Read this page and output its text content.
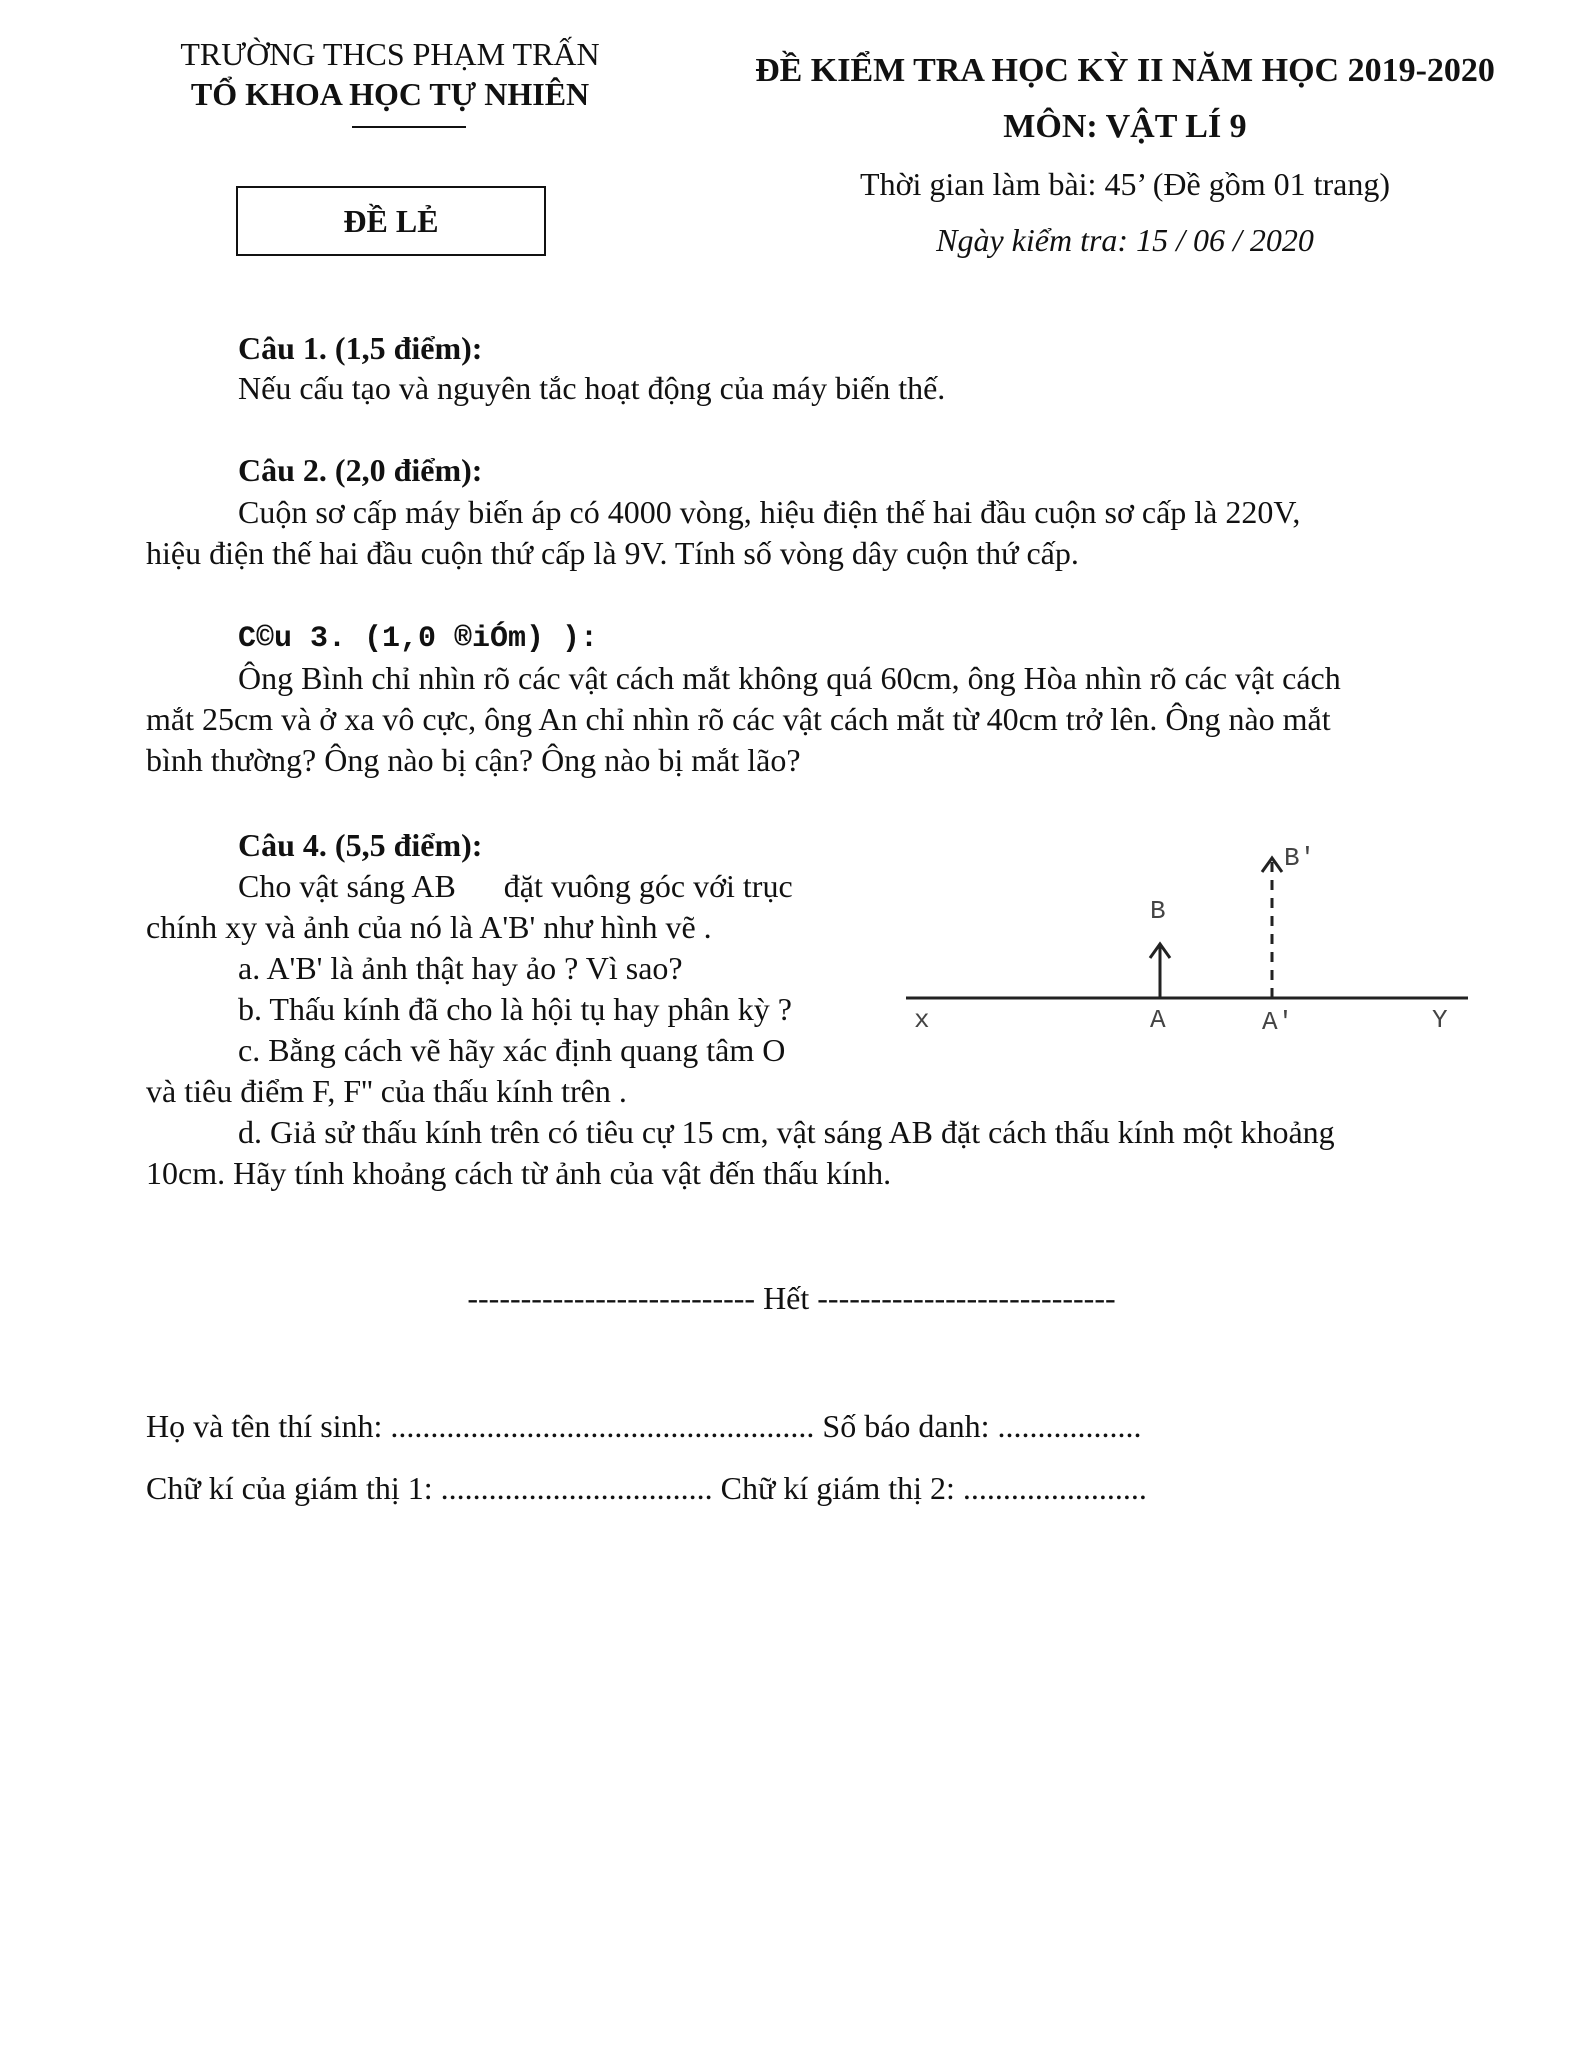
TRƯỜNG THCS PHẠM TRẤN
TỔ KHOA HỌC TỰ NHIÊN
ĐỀ LẺ
ĐỀ KIỂM TRA HỌC KỲ II NĂM HỌC 2019-2020
MÔN: VẬT LÍ 9
Thời gian làm bài: 45’ (Đề gồm 01 trang)
Ngày kiểm tra: 15 / 06 / 2020
Câu 1. (1,5 điểm):
Nếu cấu tạo và nguyên tắc hoạt động của máy biến thế.
Câu 2. (2,0 điểm):
Cuộn sơ cấp máy biến áp có 4000 vòng, hiệu điện thế hai đầu cuộn sơ cấp là 220V,
hiệu điện thế hai đầu cuộn thứ cấp là 9V. Tính số vòng dây cuộn thứ cấp.
C©u 3. (1,0 ®iÓm) ):
Ông Bình chỉ nhìn rõ các vật cách mắt không quá 60cm, ông Hòa nhìn rõ các vật cách
mắt 25cm và ở xa vô cực, ông An chỉ nhìn rõ các vật cách mắt từ 40cm trở lên. Ông nào mắt
bình thường? Ông nào bị cận? Ông nào bị mắt lão?
Câu 4. (5,5 điểm):
Cho vật sáng AB      đặt vuông góc với trục
chính xy và ảnh của nó là A'B' như hình vẽ .
a. A'B' là ảnh thật hay ảo ? Vì sao?
b. Thấu kính đã cho là hội tụ hay phân kỳ ?
c. Bằng cách vẽ hãy xác định quang tâm O
và tiêu điểm F, F'' của thấu kính trên .
d. Giả sử thấu kính trên có tiêu cự 15 cm, vật sáng AB đặt cách thấu kính một khoảng
10cm. Hãy tính khoảng cách từ ảnh của vật đến thấu kính.
B'
B
x	A	A'	Y
--------------------------- Hết ----------------------------
Họ và tên thí sinh: ..................................................... Số báo danh: ..................
Chữ kí của giám thị 1: .................................. Chữ kí giám thị 2: .......................
